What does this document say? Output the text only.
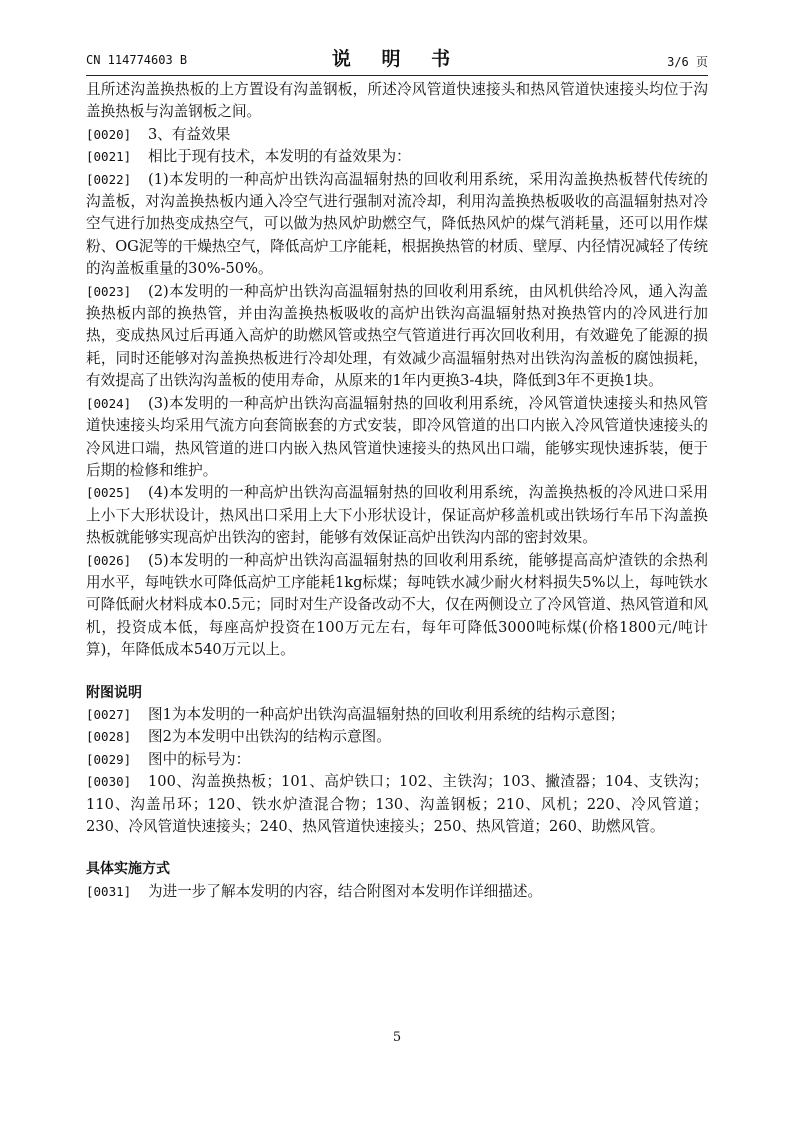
CN 114774603 B	说 明 书	3/6 页

且所述沟盖换热板的上方置设有沟盖钢板，所述冷风管道快速接头和热风管道快速接头均位于沟盖换热板与沟盖钢板之间。

[0020] 3、有益效果

[0021] 相比于现有技术，本发明的有益效果为：

[0022] (1)本发明的一种高炉出铁沟高温辐射热的回收利用系统，采用沟盖换热板替代传统的沟盖板，对沟盖换热板内通入冷空气进行强制对流冷却，利用沟盖换热板吸收的高温辐射热对冷空气进行加热变成热空气，可以做为热风炉助燃空气，降低热风炉的煤气消耗量，还可以用作煤粉、OG泥等的干燥热空气，降低高炉工序能耗，根据换热管的材质、壁厚、内径情况减轻了传统的沟盖板重量的30%-50%。

[0023] (2)本发明的一种高炉出铁沟高温辐射热的回收利用系统，由风机供给冷风，通入沟盖换热板内部的换热管，并由沟盖换热板吸收的高炉出铁沟高温辐射热对换热管内的冷风进行加热，变成热风过后再通入高炉的助燃风管或热空气管道进行再次回收利用，有效避免了能源的损耗，同时还能够对沟盖换热板进行冷却处理，有效减少高温辐射热对出铁沟沟盖板的腐蚀损耗，有效提高了出铁沟沟盖板的使用寿命，从原来的1年内更换3-4块，降低到3年不更换1块。

[0024] (3)本发明的一种高炉出铁沟高温辐射热的回收利用系统，冷风管道快速接头和热风管道快速接头均采用气流方向套筒嵌套的方式安装，即冷风管道的出口内嵌入冷风管道快速接头的冷风进口端，热风管道的进口内嵌入热风管道快速接头的热风出口端，能够实现快速拆装，便于后期的检修和维护。

[0025] (4)本发明的一种高炉出铁沟高温辐射热的回收利用系统，沟盖换热板的冷风进口采用上小下大形状设计，热风出口采用上大下小形状设计，保证高炉移盖机或出铁场行车吊下沟盖换热板就能够实现高炉出铁沟的密封，能够有效保证高炉出铁沟内部的密封效果。

[0026] (5)本发明的一种高炉出铁沟高温辐射热的回收利用系统，能够提高高炉渣铁的余热利用水平，每吨铁水可降低高炉工序能耗1kg标煤；每吨铁水减少耐火材料损失5%以上，每吨铁水可降低耐火材料成本0.5元；同时对生产设备改动不大，仅在两侧设立了冷风管道、热风管道和风机，投资成本低，每座高炉投资在100万元左右，每年可降低3000吨标煤(价格1800元/吨计算)，年降低成本540万元以上。

附图说明

[0027] 图1为本发明的一种高炉出铁沟高温辐射热的回收利用系统的结构示意图；

[0028] 图2为本发明中出铁沟的结构示意图。

[0029] 图中的标号为：

[0030] 100、沟盖换热板；101、高炉铁口；102、主铁沟；103、撇渣器；104、支铁沟；110、沟盖吊环；120、铁水炉渣混合物；130、沟盖钢板；210、风机；220、冷风管道；230、冷风管道快速接头；240、热风管道快速接头；250、热风管道；260、助燃风管。

具体实施方式

[0031] 为进一步了解本发明的内容，结合附图对本发明作详细描述。

5
